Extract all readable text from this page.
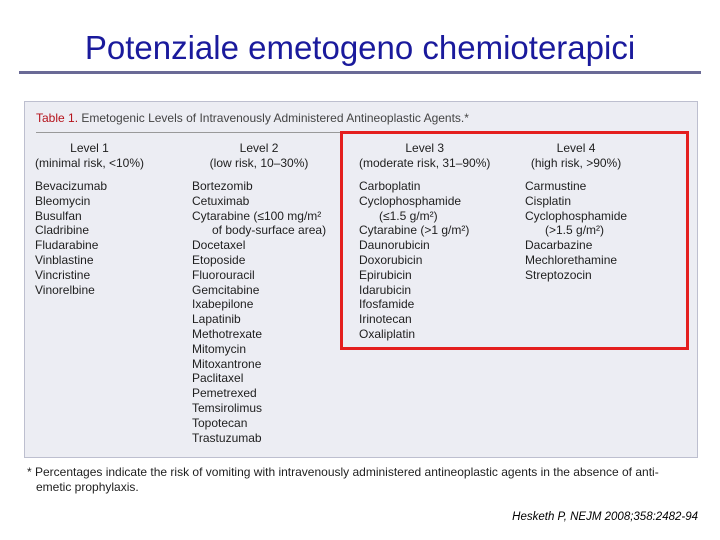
Potenziale emetogeno chemioterapici
Table 1. Emetogenic Levels of Intravenously Administered Antineoplastic Agents.*
Level 1
(minimal risk, <10%)
Bevacizumab
Bleomycin
Busulfan
Cladribine
Fludarabine
Vinblastine
Vincristine
Vinorelbine
Level 2
(low risk, 10–30%)
Bortezomib
Cetuximab
Cytarabine (≤100 mg/m²
of body-surface area)
Docetaxel
Etoposide
Fluorouracil
Gemcitabine
Ixabepilone
Lapatinib
Methotrexate
Mitomycin
Mitoxantrone
Paclitaxel
Pemetrexed
Temsirolimus
Topotecan
Trastuzumab
Level 3
(moderate risk, 31–90%)
Carboplatin
Cyclophosphamide
(≤1.5 g/m²)
Cytarabine (>1 g/m²)
Daunorubicin
Doxorubicin
Epirubicin
Idarubicin
Ifosfamide
Irinotecan
Oxaliplatin
Level 4
(high risk, >90%)
Carmustine
Cisplatin
Cyclophosphamide
(>1.5 g/m²)
Dacarbazine
Mechlorethamine
Streptozocin
* Percentages indicate the risk of vomiting with intravenously administered antineoplastic agents in the absence of anti-
emetic prophylaxis.
Hesketh P, NEJM 2008;358:2482-94
